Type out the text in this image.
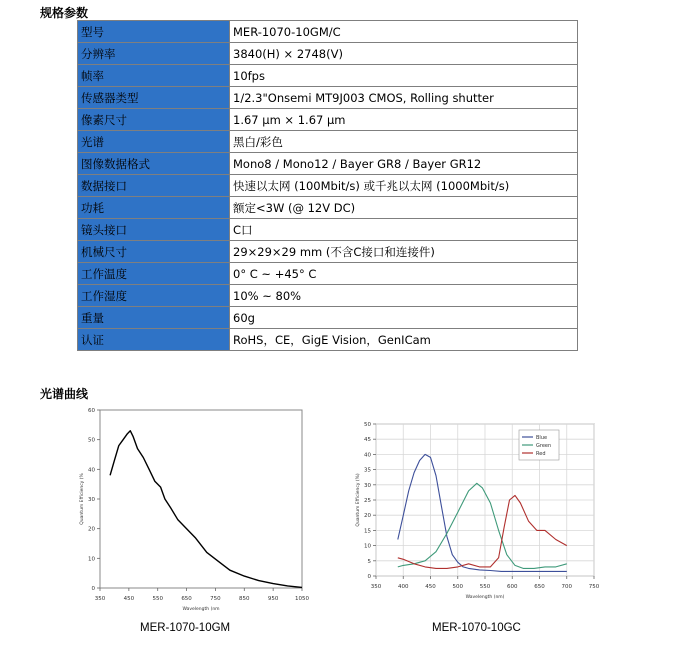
规格参数
型号	MER-1070-10GM/C
分辨率	3840(H) × 2748(V)
帧率	10fps
传感器类型	1/2.3"Onsemi MT9J003 CMOS, Rolling shutter
像素尺寸	1.67 μm × 1.67 μm
光谱	黑白/彩色
图像数据格式	Mono8 / Mono12 / Bayer GR8 / Bayer GR12
数据接口	快速以太网 (100Mbit/s) 或千兆以太网 (1000Mbit/s)
功耗	额定<3W (@ 12V DC)
镜头接口	C口
机械尺寸	29×29×29 mm (不含C接口和连接件)
工作温度	0° C ~ +45° C
工作湿度	10% ~ 80%
重量	60g
认证	RoHS，CE，GigE Vision，GenICam
光谱曲线
350	450	550	650	750	850	950	1050
0
10
20
30
40
50
60
Wavelength (nm
Quantum Efficiency (%
MER-1070-10GM
350	400	450	500	550	600	650	700	750
0
5
10
15
20
25
30
35
40
45
50
Wavelength (nm)
Quantum Efficiency (%)
Blue
Green
Red
MER-1070-10GC
